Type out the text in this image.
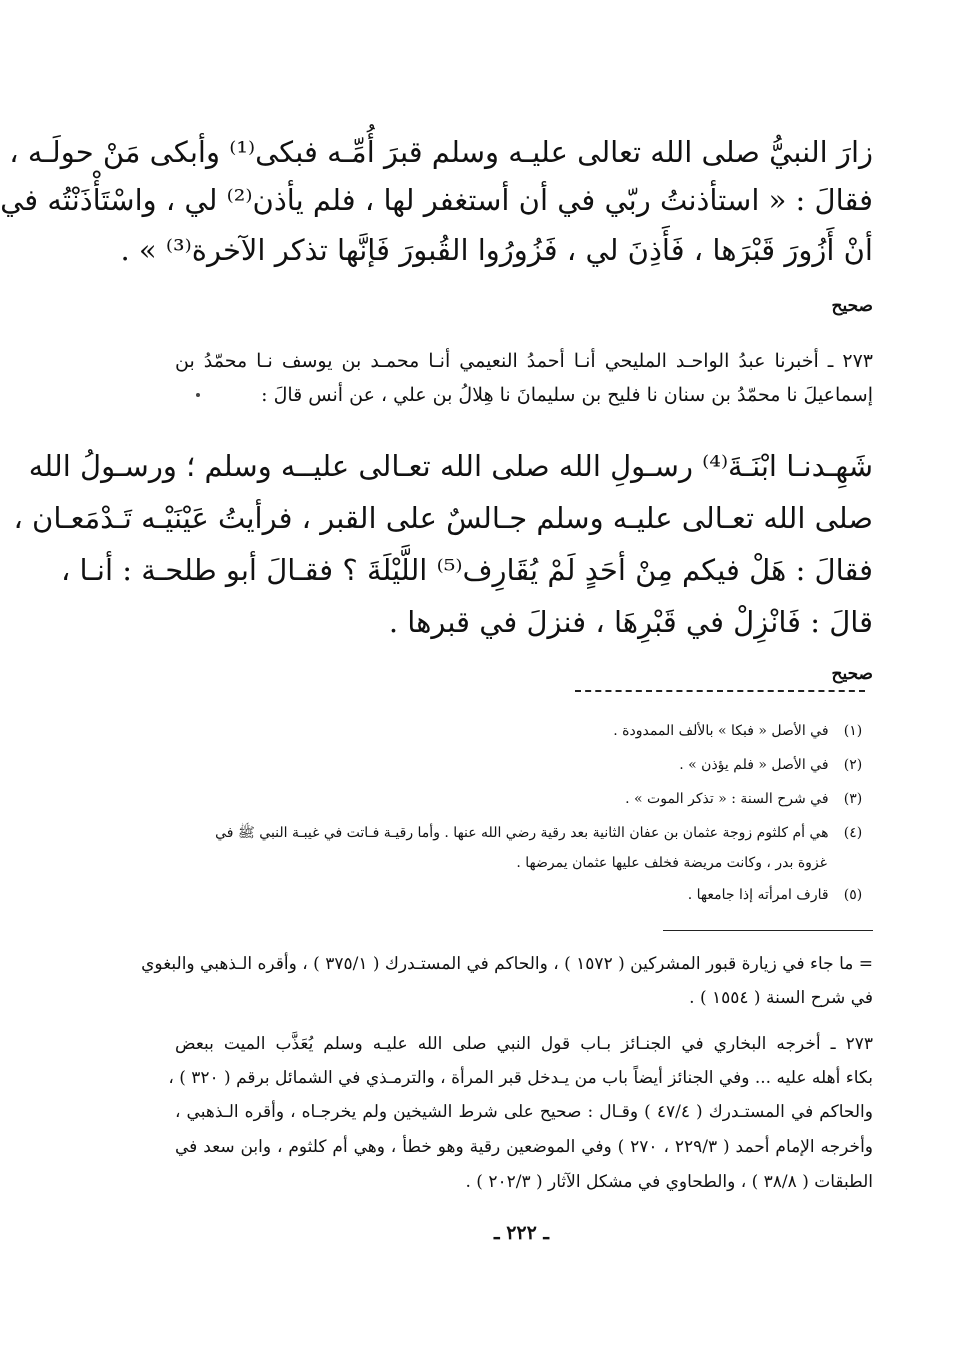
زارَ النبيُّ صلى الله تعالى عليـه وسلم قبرَ أُمِّـه فبكى⁽¹⁾ وأبكى مَنْ حولَـه ،
فقالَ : « استأذنتُ ربّي في أن أستغفر لها ، فلم يأذن⁽²⁾ لي ، واسْتَأْذَنْتُه في
أنْ أَزُورَ قَبْرَها ، فَأَذِنَ لي ، فَزُورُوا القُبورَ فَإنَّها تذكر الآخرة⁽³⁾ » .
صحيح
٢٧٣ ـ أخبرنا عبدُ الواحـد المليحي أنـا أحمدُ النعيمي أنـا محمـد بن يوسف نـا محمّدُ بن
إسماعيلَ نا محمّدُ بن سنان نا فليح بن سليمانَ نا هِلالُ بن علي ، عن أنس قالَ :
شَهِـدنـا ابْنَـةَ⁽⁴⁾ رسـولِ الله صلى الله تعـالى عليــه وسلم ؛ ورسـولُ الله
صلى الله تعـالى عليـه وسلم جـالسٌ على القبر ، فرأيتُ عَيْنَيْـه تَـدْمَعـان ،
فقالَ : هَلْ فيكم مِنْ أحَدٍ لَمْ يُقَارِف⁽⁵⁾ اللَّيْلَةَ ؟ فقـالَ أبو طلحـة : أنـا ،
قالَ : فَانْزِلْ في قَبْرِهَا ، فنزلَ في قبرها .
صحيح
(١) في الأصل « فبكا » بالألف الممدودة .
(٢) في الأصل « فلم يؤذن » .
(٣) في شرح السنة : « تذكر الموت » .
(٤) هي أم كلثوم زوجة عثمان بن عفان الثانية بعد رقية رضي الله عنها . وأما رقيـة فـاتت في غيبـة النبي ﷺ في
غزوة بدر ، وكانت مريضة فخلف عليها عثمان يمرضها .
(٥) قارف امرأته إذا جامعها .
= ما جاء في زيارة قبور المشركين ( ١٥٧٢ ) ، والحاكم في المستـدرك ( ٣٧٥/١ ) ، وأقره الـذهبي والبغوي
في شرح السنة ( ١٥٥٤ ) .
٢٧٣ ـ أخرجه البخاري في الجنـائز بـاب قول النبي صلى الله عليـه وسلم يُعَذَّب الميت ببعض
بكاء أهله عليه ... وفي الجنائز أيضاً باب من يـدخل قبر المرأة ، والترمـذي في الشمائل برقم ( ٣٢٠ ) ،
والحاكم في المستـدرك ( ٤٧/٤ ) وقـال : صحيح على شرط الشيخين ولم يخرجـاه ، وأقره الـذهبي ،
وأخرجه الإمام أحمد ( ٢٢٩/٣ ، ٢٧٠ ) وفي الموضعين رقية وهو خطأ ، وهي أم كلثوم ، وابن سعد في
الطبقات ( ٣٨/٨ ) ، والطحاوي في مشكل الآثار ( ٢٠٢/٣ ) .
ـ ٢٢٢ ـ
